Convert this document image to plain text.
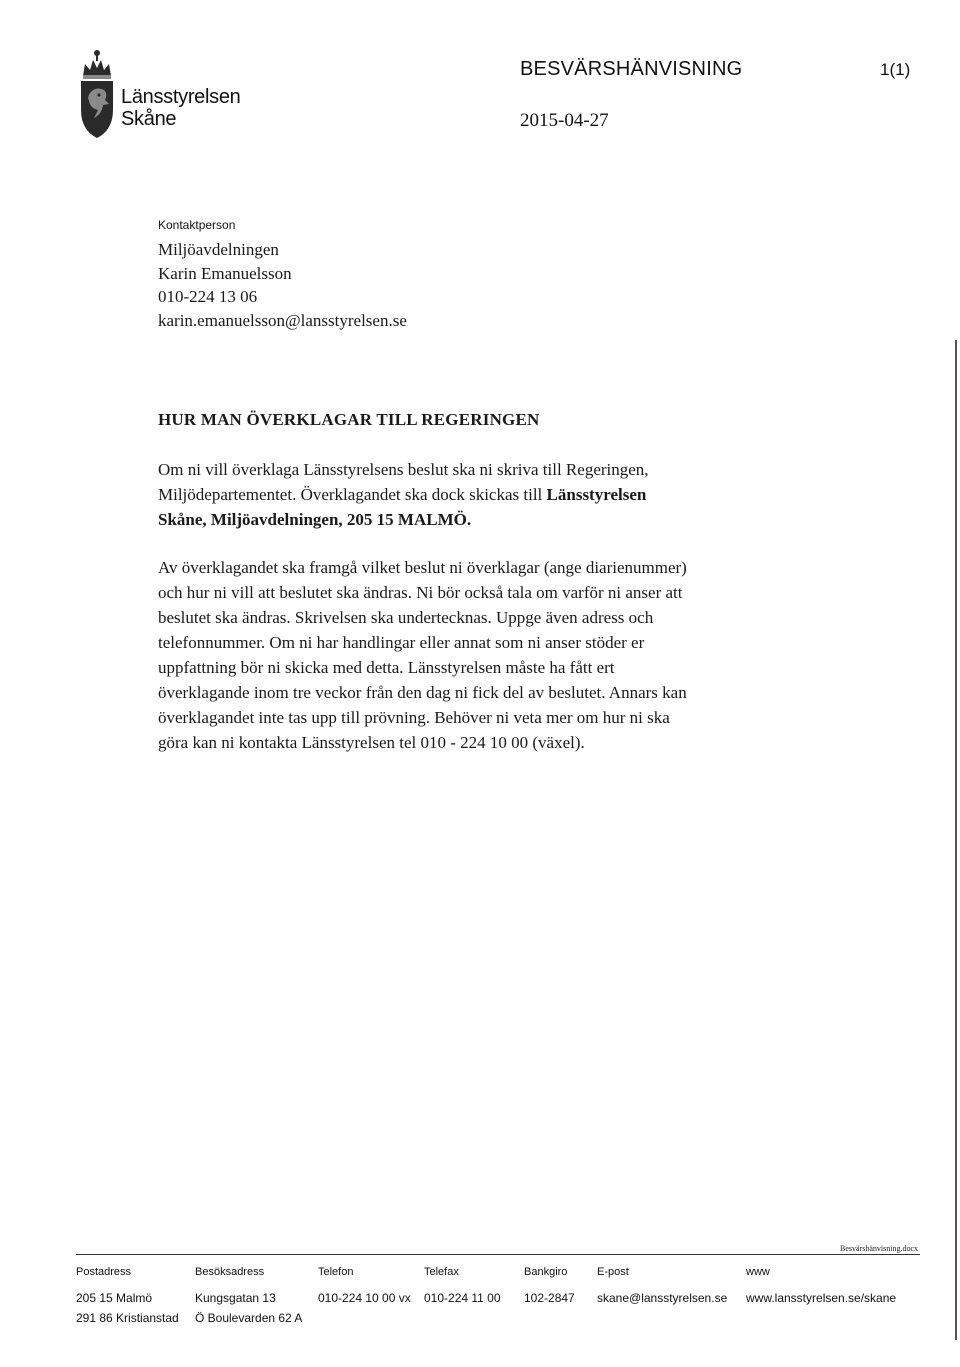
Länsstyrelsen
Skåne
BESVÄRSHÄNVISNING	1(1)
2015-04-27
Kontaktperson
Miljöavdelningen
Karin Emanuelsson
010-224 13 06
karin.emanuelsson@lansstyrelsen.se
HUR MAN ÖVERKLAGAR TILL REGERINGEN
Om ni vill överklaga Länsstyrelsens beslut ska ni skriva till Regeringen,
Miljödepartementet. Överklagandet ska dock skickas till Länsstyrelsen
Skåne, Miljöavdelningen, 205 15 MALMÖ.
Av överklagandet ska framgå vilket beslut ni överklagar (ange diarienummer)
och hur ni vill att beslutet ska ändras. Ni bör också tala om varför ni anser att
beslutet ska ändras. Skrivelsen ska undertecknas. Uppge även adress och
telefonnummer. Om ni har handlingar eller annat som ni anser stöder er
uppfattning bör ni skicka med detta. Länsstyrelsen måste ha fått ert
överklagande inom tre veckor från den dag ni fick del av beslutet. Annars kan
överklagandet inte tas upp till prövning. Behöver ni veta mer om hur ni ska
göra kan ni kontakta Länsstyrelsen tel 010 - 224 10 00 (växel).
Besvärshänvisning.docx
Postadress
205 15 Malmö
291 86 Kristianstad
Besöksadress
Kungsgatan 13
Ö Boulevarden 62 A
Telefon
010-224 10 00 vx
Telefax
010-224 11 00
Bankgiro
102-2847
E-post
skane@lansstyrelsen.se
www
www.lansstyrelsen.se/skane
